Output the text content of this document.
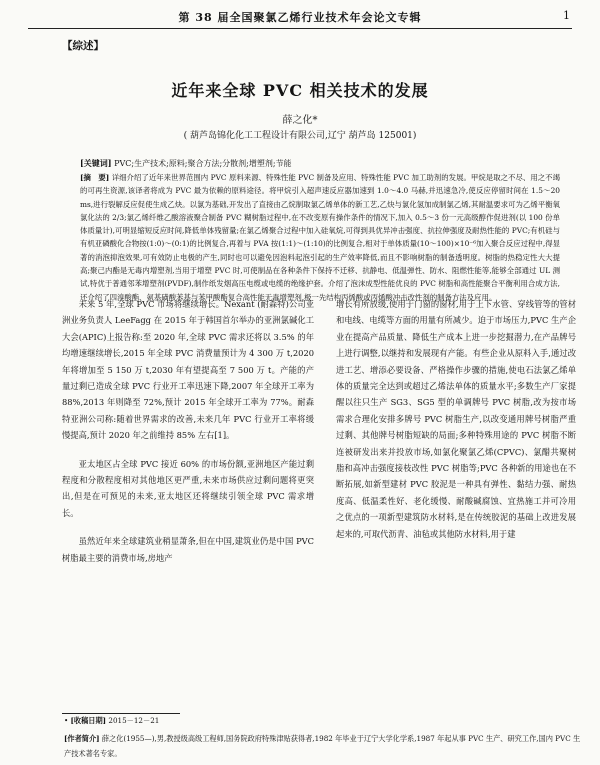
第 38 届全国聚氯乙烯行业技术年会论文专辑	1
【综述】
近年来全球 PVC 相关技术的发展
薛之化*
( 葫芦岛锦化化工工程设计有限公司,辽宁 葫芦岛 125001)
[关键词] PVC;生产技术;原料;聚合方法;分散剂;增塑剂;节能
[摘　要] 详细介绍了近年来世界范围内 PVC 原料来源、特殊性能 PVC 制备及应用、特殊性能 PVC 加工助剂的发展。甲烷是取之不尽、用之不竭的可再生资源,该译者将成为 PVC 最为依赖的原料途径。将甲烷引入超声速反应器加速到 1.0～4.0 马赫,并迅速急冷,使反应停留时间在 1.5～20 ms,进行裂解反应促使生成乙炔。以氯为基础,开发出了直接由乙烷制取氯乙烯单体的新工艺,乙炔与氯化氢加成制氯乙烯,其耐温要求可为乙烯平衡氧氯化法的 2/3;氯乙烯纤维乙酸溶液聚合制备 PVC 糊树脂过程中,在不改变原有操作条件的情况下,加入 0.5～3 份一元高级醇作促进剂(以 100 份单体质量计),可明显缩短反应时间,降低单体残留量;在氯乙烯聚合过程中加入硅氧烷,可得到具优异冲击强度、抗拉伸强度及耐热性能的 PVC;有机硅与有机亚磷酸化合物按(1:0)～(0:1)的比例复合,再着与 PVA 按(1:1)～(1:10)的比例复合,相对于单体质量(10～100)×10⁻⁶加入聚合反应过程中,得显著的消泡抑泡效果,可有效防止电极的产生,同时也可以避免因泡料起泡引起的生产效率降低,而且不影响树脂的制备透明度。树脂的热稳定性大大提高;聚己内酯是无毒内增塑剂,当用于增塑 PVC 时,可使制品在各种条件下保持不迁移、抗静电、低温弹性、防水、阻燃性能等,能够全部通过 UL 测试,特优于普通邻苯增塑剂(PVDF),制作纸发烟高压电缆或电缆的绝缘护套。介绍了泡沫成型性能优良的 PVC 树脂和高性能聚合平衡利用合成方法,还介绍了四溴酸酯、氨基磺酸苯基与苯甲酸酯复合高性能无毒增塑剂,极一先结构丙烯酸或丙烯酸冲击改性剂的制备方法及应用。

未来 5 年,全球 PVC 市场将继续增长。Nexant (耐森特)公司亚洲业务负责人 LeeFagg 在 2015 年于韩国首尔举办的亚洲氯碱化工大会(APIC)上报告称:至 2020 年,全球 PVC 需求还将以 3.5% 的年均增速继续增长,2015 年全球 PVC 消费量预计为 4 300 万 t,2020 年将增加至 5 150 万 t,2030 年有望提高至 7 500 万 t。产能的产量过剩已造成全球 PVC 行业开工率迅速下降,2007 年全球开工率为 88%,2013 年则降至 72%,预计 2015 年全球开工率为 77%。耐森特亚洲公司称:随着世界需求的改善,未来几年 PVC 行业开工率将缓慢提高,预计 2020 年之前维持 85% 左右[1]。

亚太地区占全球 PVC 接近 60% 的市场份额,亚洲地区产能过剩程度和分散程度相对其他地区更严重,未来市场供应过剩问题将更突出,但是在可预见的未来,亚太地区还将继续引领全球 PVC 需求增长。

虽然近年来全球建筑业稍显萧条,但在中国,建筑业仍是中国 PVC 树脂最主要的消费市场,房地产

增长有所放缓,使用于门窗的窗材,用于上下水管、穿线管等的管材和电线、电缆等方面的用量有所减少。迫于市场压力,PVC 生产企业在提高产品质量、降低生产成本上进一步挖掘潜力,在产品牌号上进行调整,以继持和发展现有产能。有些企业从原料入手,通过改进工艺、增添必要设备、严格操作步骤的措施,使电石法氯乙烯单体的质量完全达到或超过乙烯法单体的质量水平;多数生产厂家提醒以往只生产 SG3、SG5 型的单调牌号 PVC 树脂,改为按市场需求合理化安排多牌号 PVC 树脂生产,以改变通用牌号树脂严重过剩、其他牌号树脂短缺的局面;多种特殊用途的 PVC 树脂不断连被研发出来并投放市场,如氯化聚氯乙烯(CPVC)、氯醋共聚树脂和高冲击强度接枝改性 PVC 树脂等;PVC 各种新的用途也在不断拓展,如新型建材 PVC 胶泥是一种具有弹性、黏结力强、耐热度高、低温柔性好、老化缓慢、耐酸碱腐蚀、宜热施工并可冷用之优点的一项新型建筑防水材料,是在传统胶泥的基础上改进发展起来的,可取代沥青、油毡或其他防水材料,用于建

• [收稿日期] 2015－12－21
[作者简介] 薛之化(1955—),男,教授级高级工程师,国务院政府特殊津贴获得者,1982 年毕业于辽宁大学化学系,1987 年起从事 PVC 生产、研究工作,国内 PVC 生产技术著名专家。
